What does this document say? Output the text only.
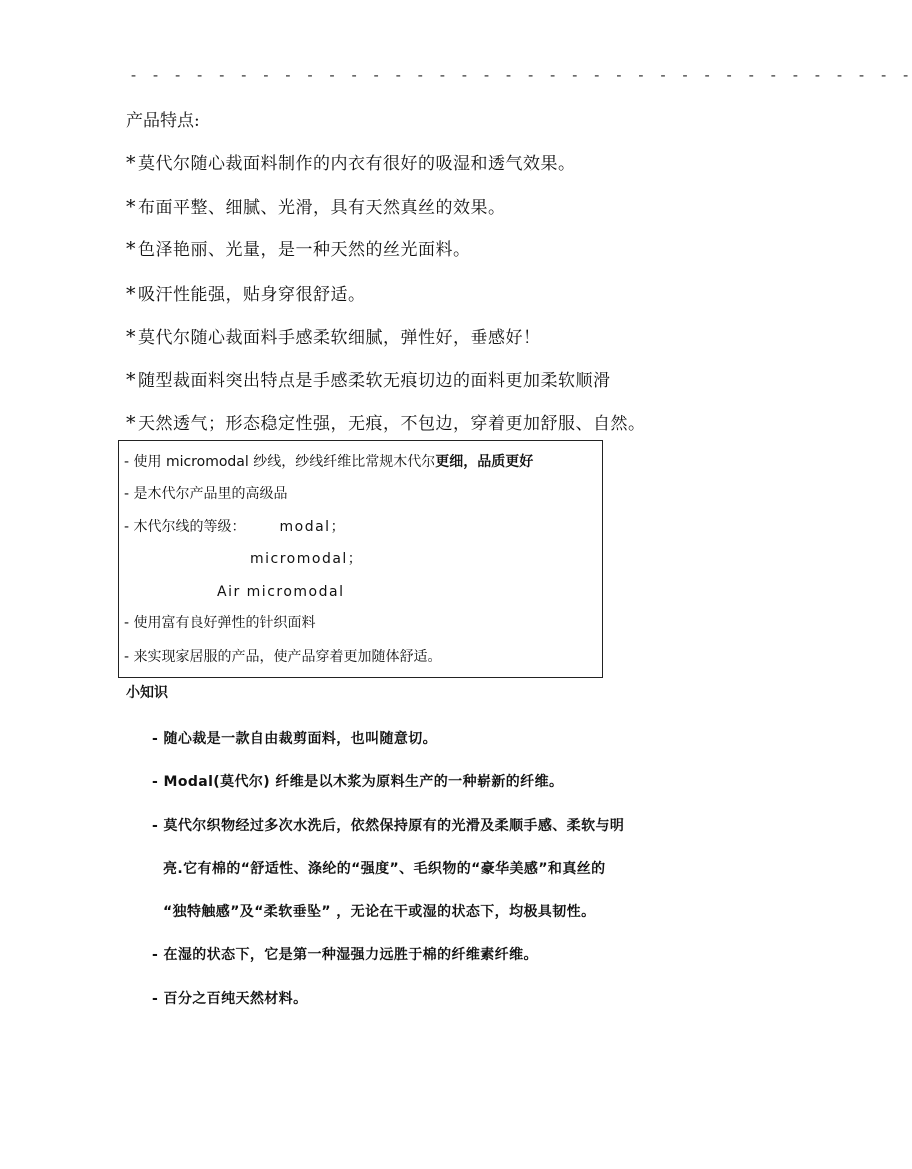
- - - - - - - - - - - - - - - - - - - - - - - - - - - - - - - - - - - -
产品特点:
* 莫代尔随心裁面料制作的内衣有很好的吸湿和透气效果。
* 布面平整、细腻、光滑，具有天然真丝的效果。
* 色泽艳丽、光量，是一种天然的丝光面料。
* 吸汗性能强，贴身穿很舒适。
* 莫代尔随心裁面料手感柔软细腻，弹性好，垂感好！
* 随型裁面料突出特点是手感柔软无痕切边的面料更加柔软顺滑
* 天然透气；形态稳定性强，无痕，不包边，穿着更加舒服、自然。
- 使用 micromodal 纱线，纱线纤维比常规木代尔更细，品质更好
- 是木代尔产品里的高级品
- 木代尔线的等级： modal；
micromodal；
Air micromodal
- 使用富有良好弹性的针织面料
- 来实现家居服的产品，使产品穿着更加随体舒适。
小知识
- 随心裁是一款自由裁剪面料，也叫随意切。
- Modal(莫代尔) 纤维是以木浆为原料生产的一种崭新的纤维。
- 莫代尔织物经过多次水洗后，依然保持原有的光滑及柔顺手感、柔软与明
亮.它有棉的“舒适性、涤纶的“强度”、毛织物的“豪华美感”和真丝的
“独特触感”及“柔软垂坠” ，无论在干或湿的状态下，均极具韧性。
- 在湿的状态下，它是第一种湿强力远胜于棉的纤维素纤维。
- 百分之百纯天然材料。
